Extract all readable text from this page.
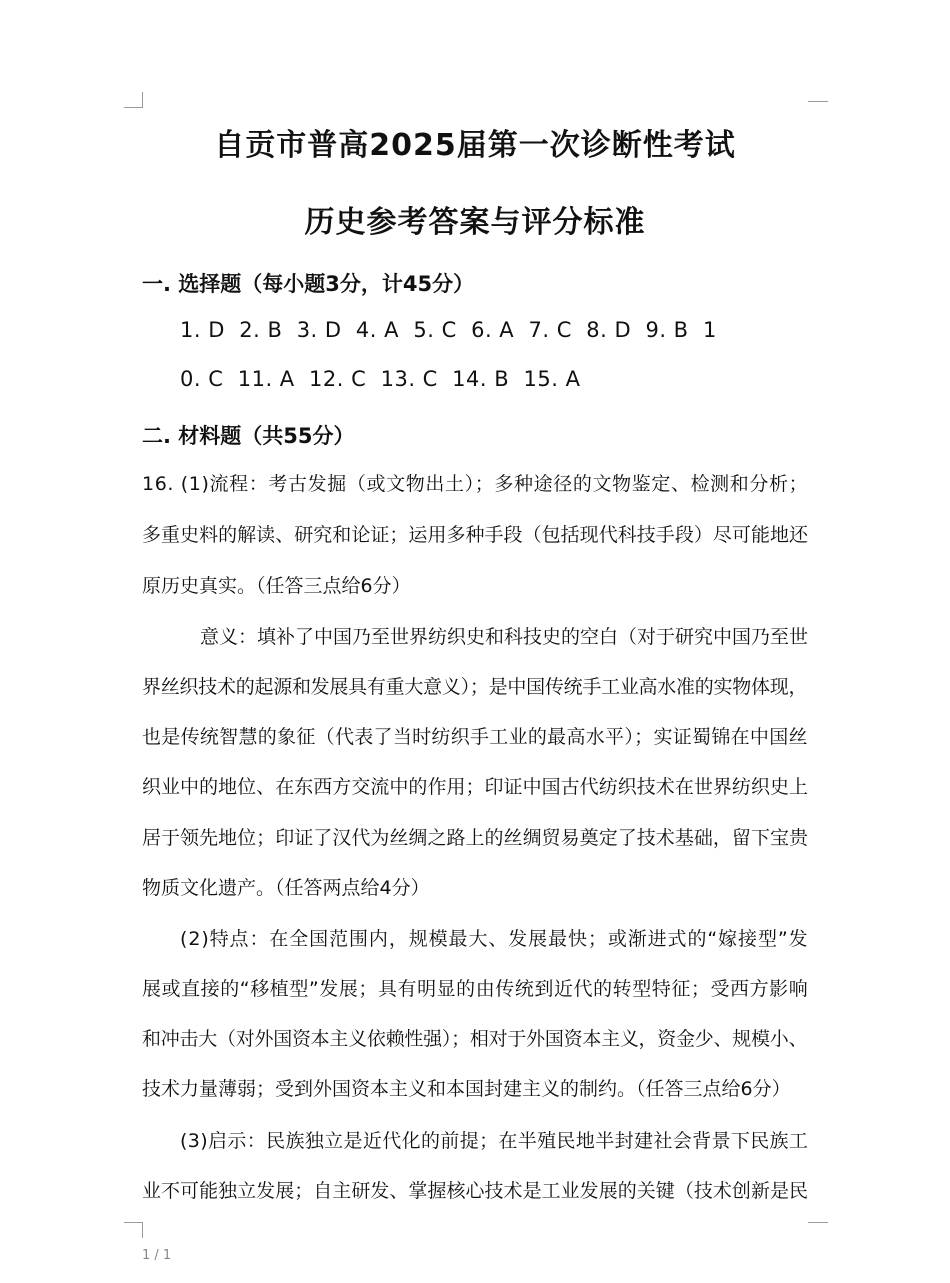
自贡市普高2025届第一次诊断性考试
历史参考答案与评分标准
一. 选择题（每小题3分，计45分）
1. D  2. B  3. D  4. A  5. C  6. A  7. C  8. D  9. B  1
0. C  11. A  12. C  13. C  14. B  15. A
二. 材料题（共55分）
16. (1)流程：考古发掘（或文物出土）；多种途径的文物鉴定、检测和分析；
多重史料的解读、研究和论证；运用多种手段（包括现代科技手段）尽可能地还
原历史真实。（任答三点给6分）
意义：填补了中国乃至世界纺织史和科技史的空白（对于研究中国乃至世
界丝织技术的起源和发展具有重大意义）；是中国传统手工业高水准的实物体现，
也是传统智慧的象征（代表了当时纺织手工业的最高水平）；实证蜀锦在中国丝
织业中的地位、在东西方交流中的作用；印证中国古代纺织技术在世界纺织史上
居于领先地位；印证了汉代为丝绸之路上的丝绸贸易奠定了技术基础，留下宝贵
物质文化遗产。（任答两点给4分）
(2)特点：在全国范围内，规模最大、发展最快；或渐进式的“嫁接型”发
展或直接的“移植型”发展；具有明显的由传统到近代的转型特征；受西方影响
和冲击大（对外国资本主义依赖性强）；相对于外国资本主义，资金少、规模小、
技术力量薄弱；受到外国资本主义和本国封建主义的制约。（任答三点给6分）
(3)启示：民族独立是近代化的前提；在半殖民地半封建社会背景下民族工
业不可能独立发展；自主研发、掌握核心技术是工业发展的关键（技术创新是民
1 / 1
